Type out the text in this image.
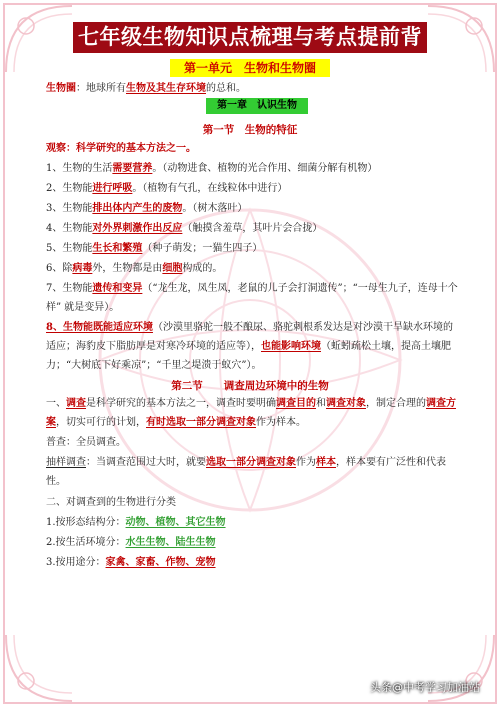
七年级生物知识点梳理与考点提前背
第一单元　生物和生物圈
生物圈：地球所有生物及其生存环境的总和。
第一章　认识生物
第一节　生物的特征
观察：科学研究的基本方法之一。
1、生物的生活需要营养。（动物进食、植物的光合作用、细菌分解有机物）
2、生物能进行呼吸。（植物有气孔，在线粒体中进行）
3、生物能排出体内产生的废物。（树木落叶）
4、生物能对外界刺激作出反应（触摸含羞草，其叶片会合拢）
5、生物能生长和繁殖（种子萌发；一猫生四子）
6、除病毒外，生物都是由细胞构成的。
7、生物能遗传和变异（“龙生龙，凤生凤，老鼠的儿子会打洞遗传”；“一母生九子，连母十个样” 就是变异）。
8、生物能既能适应环境（沙漠里骆驼一般不酿尿、骆驼刺根系发达是对沙漠干旱缺水环境的适应；海豹皮下脂肪厚是对寒冷环境的适应等），也能影响环境（蚯蚓疏松土壤，提高土壤肥力；“大树底下好乘凉”；“千里之堤溃于蚁穴”）。
第二节　　调查周边环境中的生物
一、调查是科学研究的基本方法之一，调查时要明确调查目的和调查对象，制定合理的调查方案，切实可行的计划，有时选取一部分调查对象作为样本。
普查：全员调查。
抽样调查：当调查范围过大时，就要选取一部分调查对象作为样本，样本要有广泛性和代表性。
二、对调查到的生物进行分类
1.按形态结构分：动物、植物、其它生物
2.按生活环境分：水生生物、陆生生物
3.按用途分：家禽、家畜、作物、宠物
头条@中考学习加油站
